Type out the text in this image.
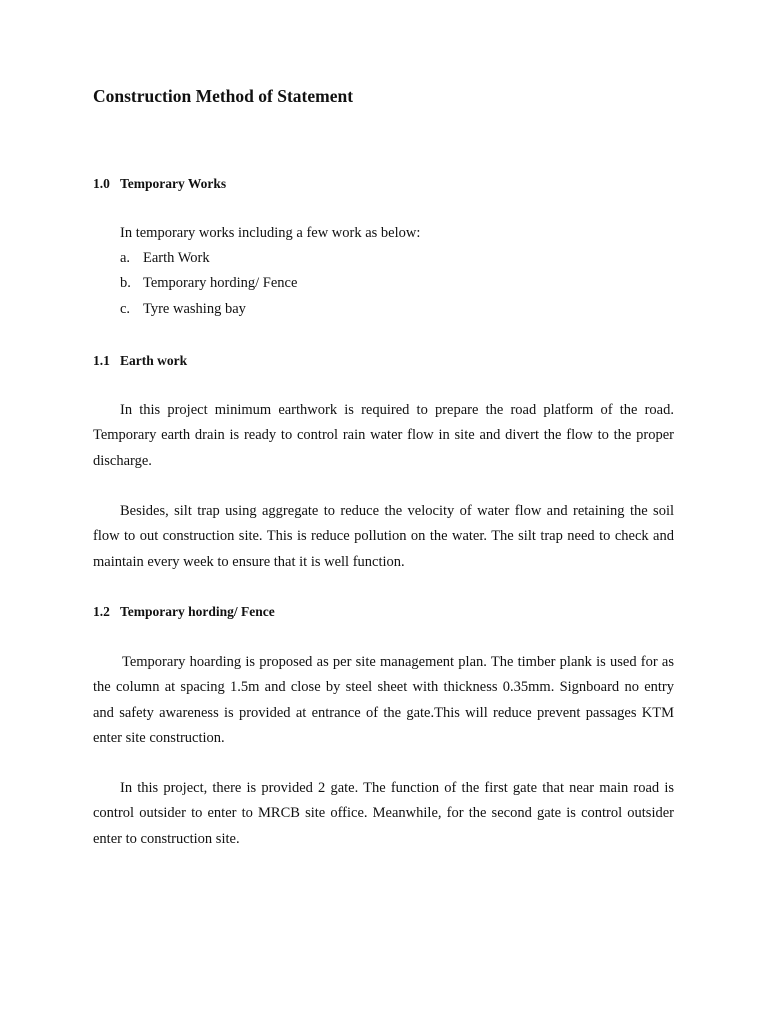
Construction Method of Statement
1.0 Temporary Works

In temporary works including a few work as below:

a. Earth Work
b. Temporary hording/ Fence
c. Tyre washing bay
1.1 Earth work

In this project minimum earthwork is required to prepare the road platform of the road. Temporary earth drain is ready to control rain water flow in site and divert the flow to the proper discharge.

Besides, silt trap using aggregate to reduce the velocity of water flow and retaining the soil flow to out construction site. This is reduce pollution on the water. The silt trap need to check and maintain every week to ensure that it is well function.

1.2 Temporary hording/ Fence

Temporary hoarding is proposed as per site management plan. The timber plank is used for as the column at spacing 1.5m and close by steel sheet with thickness 0.35mm. Signboard no entry and safety awareness is provided at entrance of the gate.This will reduce prevent passages KTM enter site construction.

In this project, there is provided 2 gate. The function of the first gate that near main road is control outsider to enter to MRCB site office. Meanwhile, for the second gate is control outsider enter to construction site.
